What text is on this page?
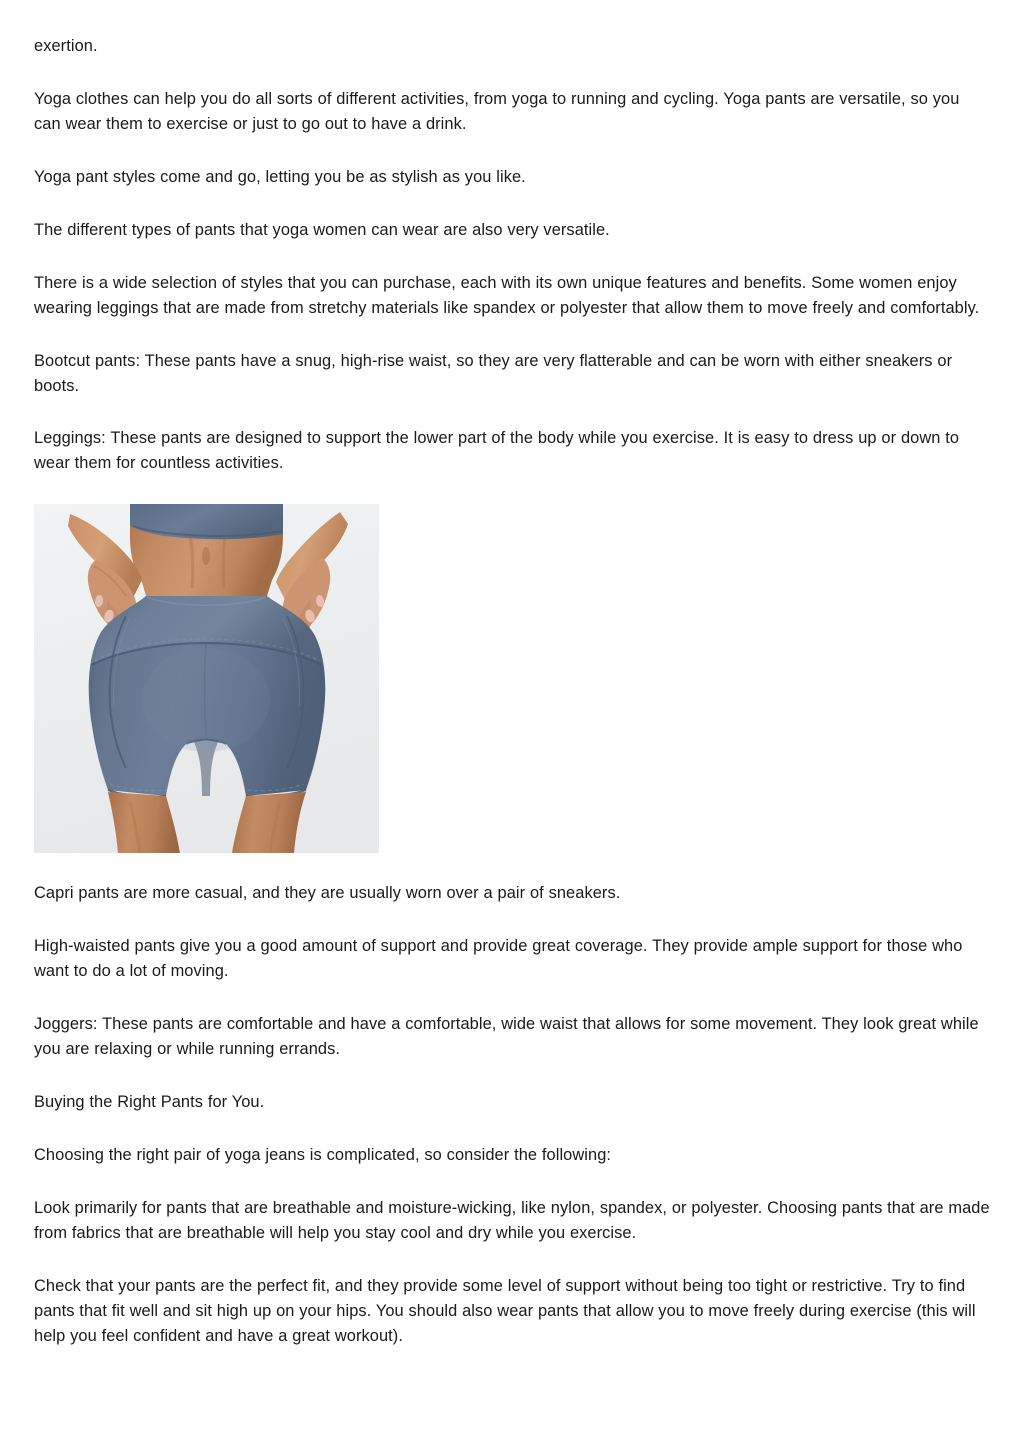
exertion.

Yoga clothes can help you do all sorts of different activities, from yoga to running and cycling. Yoga pants are versatile, so you can wear them to exercise or just to go out to have a drink.

Yoga pant styles come and go, letting you be as stylish as you like.

The different types of pants that yoga women can wear are also very versatile.

There is a wide selection of styles that you can purchase, each with its own unique features and benefits. Some women enjoy wearing leggings that are made from stretchy materials like spandex or polyester that allow them to move freely and comfortably.

Bootcut pants: These pants have a snug, high-rise waist, so they are very flatterable and can be worn with either sneakers or boots.

Leggings: These pants are designed to support the lower part of the body while you exercise. It is easy to dress up or down to wear them for countless activities.

Capri pants are more casual, and they are usually worn over a pair of sneakers.

High-waisted pants give you a good amount of support and provide great coverage. They provide ample support for those who want to do a lot of moving.

Joggers: These pants are comfortable and have a comfortable, wide waist that allows for some movement. They look great while you are relaxing or while running errands.

Buying the Right Pants for You.

Choosing the right pair of yoga jeans is complicated, so consider the following:

Look primarily for pants that are breathable and moisture-wicking, like nylon, spandex, or polyester. Choosing pants that are made from fabrics that are breathable will help you stay cool and dry while you exercise.

Check that your pants are the perfect fit, and they provide some level of support without being too tight or restrictive. Try to find pants that fit well and sit high up on your hips. You should also wear pants that allow you to move freely during exercise (this will help you feel confident and have a great workout).
